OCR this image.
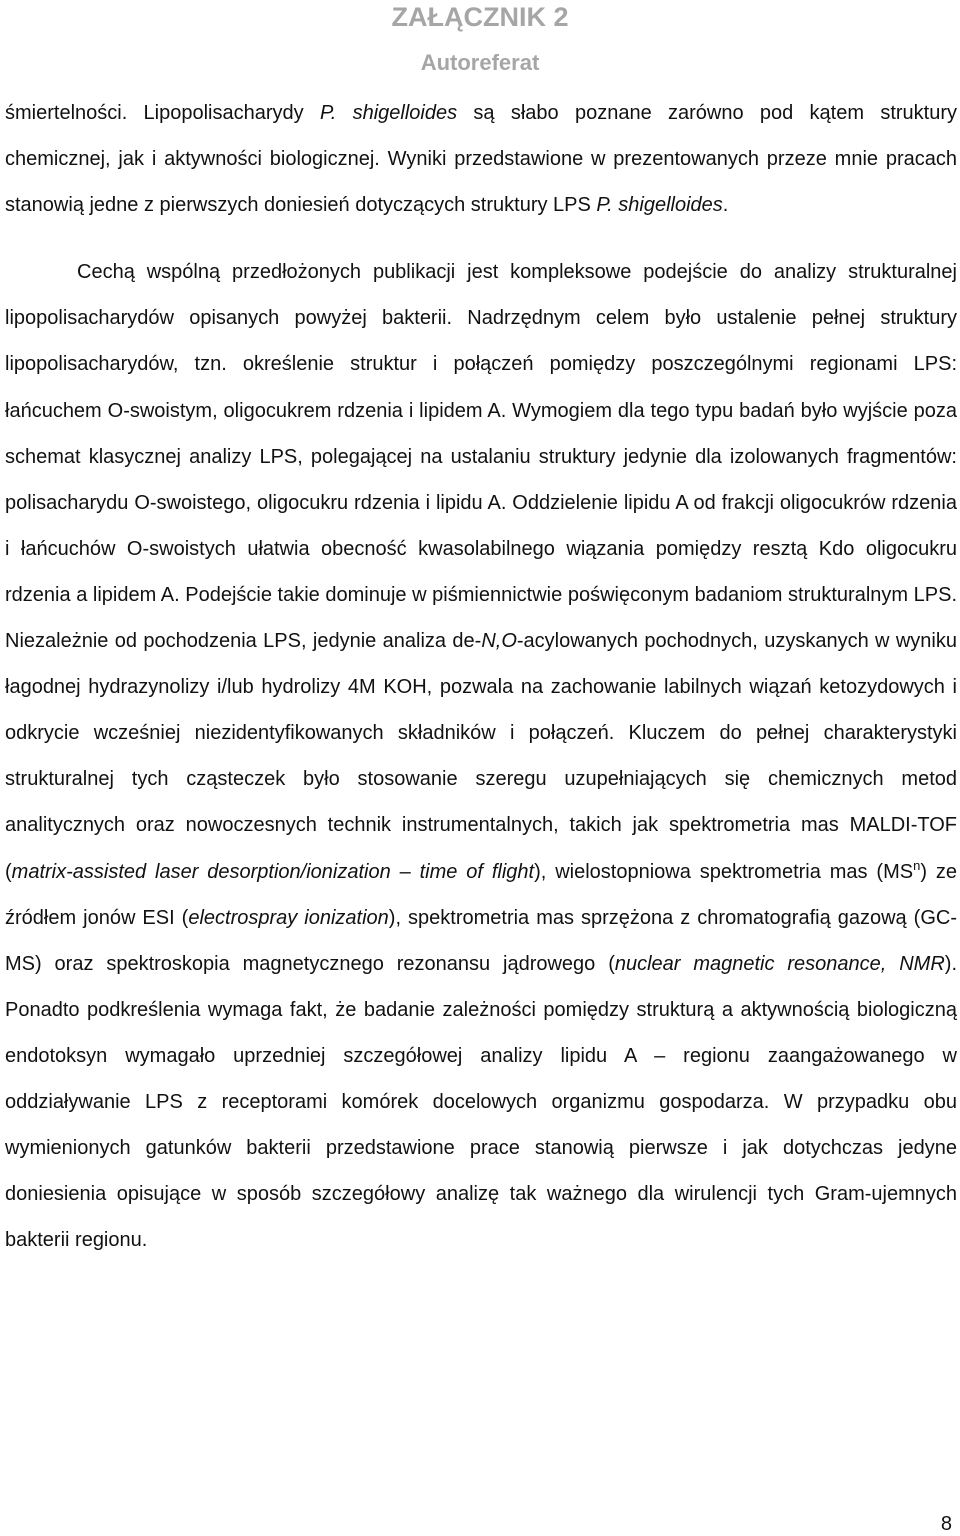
ZAŁĄCZNIK 2
Autoreferat

śmiertelności. Lipopolisacharydy P. shigelloides są słabo poznane zarówno pod kątem struktury chemicznej, jak i aktywności biologicznej. Wyniki przedstawione w prezentowanych przeze mnie pracach stanowią jedne z pierwszych doniesień dotyczących struktury LPS P. shigelloides.

Cechą wspólną przedłożonych publikacji jest kompleksowe podejście do analizy strukturalnej lipopolisacharydów opisanych powyżej bakterii. Nadrzędnym celem było ustalenie pełnej struktury lipopolisacharydów, tzn. określenie struktur i połączeń pomiędzy poszczególnymi regionami LPS: łańcuchem O-swoistym, oligocukrem rdzenia i lipidem A. Wymogiem dla tego typu badań było wyjście poza schemat klasycznej analizy LPS, polegającej na ustalaniu struktury jedynie dla izolowanych fragmentów: polisacharydu O-swoistego, oligocukru rdzenia i lipidu A. Oddzielenie lipidu A od frakcji oligocukrów rdzenia i łańcuchów O-swoistych ułatwia obecność kwasolabilnego wiązania pomiędzy resztą Kdo oligocukru rdzenia a lipidem A. Podejście takie dominuje w piśmiennictwie poświęconym badaniom strukturalnym LPS. Niezależnie od pochodzenia LPS, jedynie analiza de-N,O-acylowanych pochodnych, uzyskanych w wyniku łagodnej hydrazynolizy i/lub hydrolizy 4M KOH, pozwala na zachowanie labilnych wiązań ketozydowych i odkrycie wcześniej niezidentyfikowanych składników i połączeń. Kluczem do pełnej charakterystyki strukturalnej tych cząsteczek było stosowanie szeregu uzupełniających się chemicznych metod analitycznych oraz nowoczesnych technik instrumentalnych, takich jak spektrometria mas MALDI-TOF (matrix-assisted laser desorption/ionization – time of flight), wielostopniowa spektrometria mas $(MS^n)$ ze źródłem jonów ESI (electrospray ionization), spektrometria mas sprzężona z chromatografią gazową (GC-MS) oraz spektroskopia magnetycznego rezonansu jądrowego (nuclear magnetic resonance, NMR). Ponadto podkreślenia wymaga fakt, że badanie zależności pomiędzy strukturą a aktywnością biologiczną endotoksyn wymagało uprzedniej szczegółowej analizy lipidu A – regionu zaangażowanego w oddziaływanie LPS z receptorami komórek docelowych organizmu gospodarza. W przypadku obu wymienionych gatunków bakterii przedstawione prace stanowią pierwsze i jak dotychczas jedyne doniesienia opisujące w sposób szczegółowy analizę tak ważnego dla wirulencji tych Gram-ujemnych bakterii regionu.

8
